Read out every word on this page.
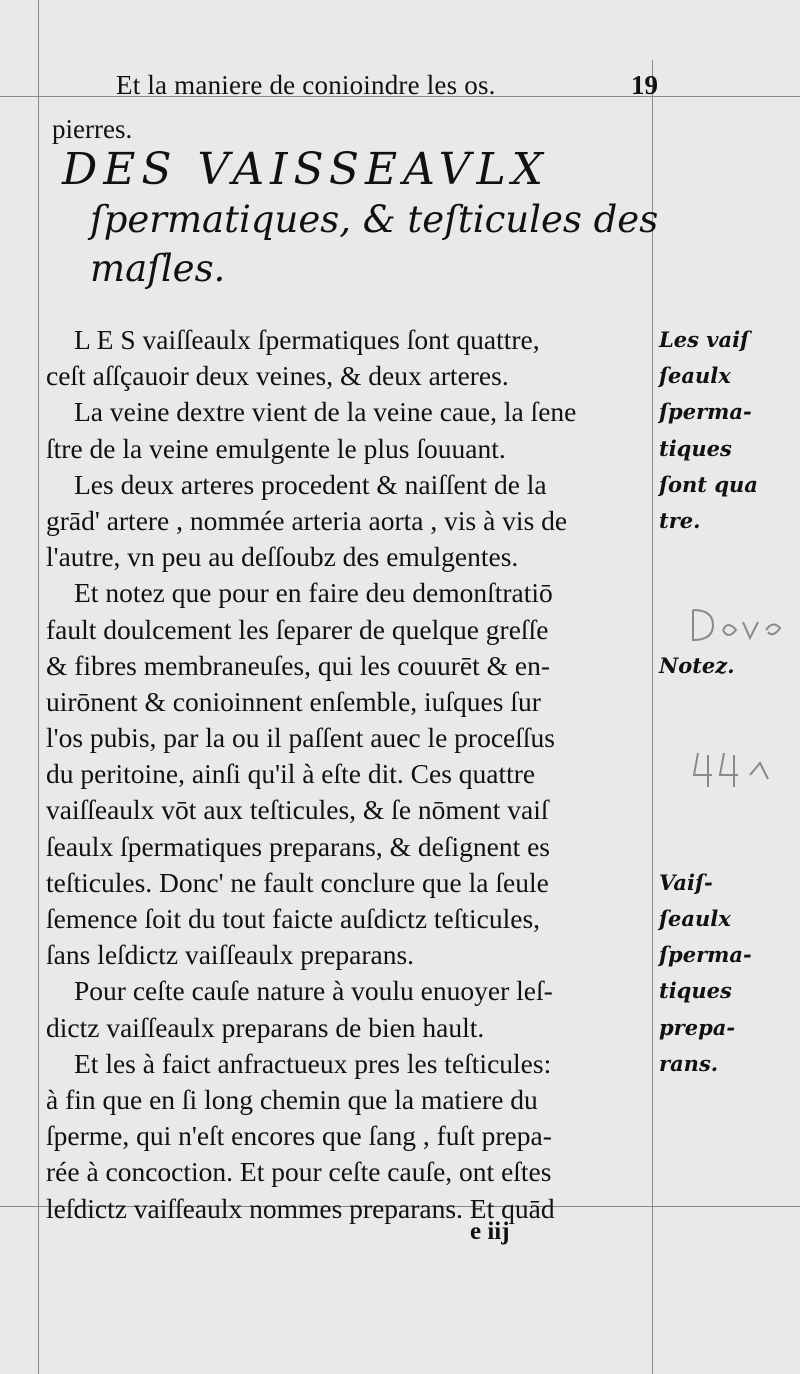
Et la maniere de conioindre les os.	19
pierres.
DES VAISSEAVLX
ſpermatiques, & teſticules des
maſles.
L E S vaiſſeaulx ſpermatiques ſont quattre,
ceſt aſſçauoir deux veines, & deux arteres.
La veine dextre vient de la veine caue, la ſene
ſtre de la veine emulgente le plus ſouuant.
Les deux arteres procedent & naiſſent de la
grād' artere , nommée arteria aorta , vis à vis de
l'autre, vn peu au deſſoubz des emulgentes.
Et notez que pour en faire deu demonſtratiō
fault doulcement les ſeparer de quelque greſſe
& fibres membraneuſes, qui les couurēt & en-
uirōnent & conioinnent enſemble, iuſques ſur
l'os pubis, par la ou il paſſent auec le proceſſus
du peritoine, ainſi qu'il à eſte dit. Ces quattre
vaiſſeaulx vōt aux teſticules, & ſe nōment vaiſ
ſeaulx ſpermatiques preparans, & deſignent es
teſticules. Donc' ne fault conclure que la ſeule
ſemence ſoit du tout faicte auſdictz teſticules,
ſans leſdictz vaiſſeaulx preparans.
Pour ceſte cauſe nature à voulu enuoyer leſ-
dictz vaiſſeaulx preparans de bien hault.
Et les à faict anfractueux pres les teſticules:
à fin que en ſi long chemin que la matiere du
ſperme, qui n'eſt encores que ſang , fuſt prepa-
rée à concoction. Et pour ceſte cauſe, ont eſtes
leſdictz vaiſſeaulx nommes preparans. Et quād
Les vaiſ
ſeaulx
ſperma-
tiques
ſont qua
tre.
Notez.
Vaiſ-
ſeaulx
ſperma-
tiques
prepa-
rans.
e iij
